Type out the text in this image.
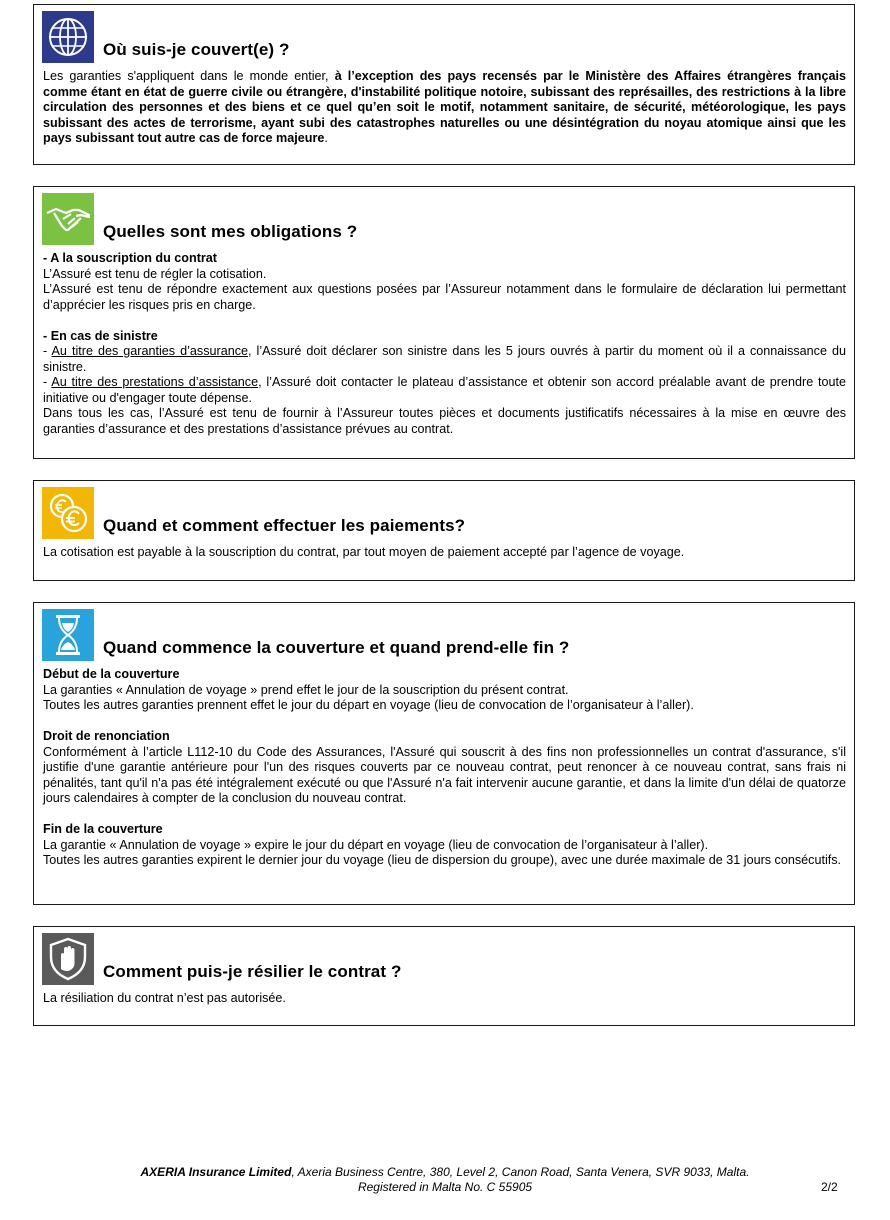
Où suis-je couvert(e) ?

Les garanties s'appliquent dans le monde entier, à l’exception des pays recensés par le Ministère des Affaires étrangères français comme étant en état de guerre civile ou étrangère, d'instabilité politique notoire, subissant des représailles, des restrictions à la libre circulation des personnes et des biens et ce quel qu’en soit le motif, notamment sanitaire, de sécurité, météorologique, les pays subissant des actes de terrorisme, ayant subi des catastrophes naturelles ou une désintégration du noyau atomique ainsi que les pays subissant tout autre cas de force majeure.

Quelles sont mes obligations ?

- A la souscription du contrat

L’Assuré est tenu de régler la cotisation.

L’Assuré est tenu de répondre exactement aux questions posées par l’Assureur notamment dans le formulaire de déclaration lui permettant d’apprécier les risques pris en charge.

- En cas de sinistre

- Au titre des garanties d’assurance, l’Assuré doit déclarer son sinistre dans les 5 jours ouvrés à partir du moment où il a connaissance du sinistre.

- Au titre des prestations d’assistance, l’Assuré doit contacter le plateau d’assistance et obtenir son accord préalable avant de prendre toute initiative ou d'engager toute dépense.

Dans tous les cas, l’Assuré est tenu de fournir à l’Assureur toutes pièces et documents justificatifs nécessaires à la mise en œuvre des garanties d’assurance et des prestations d’assistance prévues au contrat.

Quand et comment effectuer les paiements?

La cotisation est payable à la souscription du contrat, par tout moyen de paiement accepté par l’agence de voyage.

Quand commence la couverture et quand prend-elle fin ?

Début de la couverture

La garanties « Annulation de voyage » prend effet le jour de la souscription du présent contrat.

Toutes les autres garanties prennent effet le jour du départ en voyage (lieu de convocation de l’organisateur à l’aller).

Droit de renonciation

Conformément à l’article L112-10 du Code des Assurances, l'Assuré qui souscrit à des fins non professionnelles un contrat d'assurance, s'il justifie d'une garantie antérieure pour l'un des risques couverts par ce nouveau contrat, peut renoncer à ce nouveau contrat, sans frais ni pénalités, tant qu'il n'a pas été intégralement exécuté ou que l'Assuré n'a fait intervenir aucune garantie, et dans la limite d'un délai de quatorze jours calendaires à compter de la conclusion du nouveau contrat.

Fin de la couverture

La garantie « Annulation de voyage » expire le jour du départ en voyage (lieu de convocation de l’organisateur à l’aller).

Toutes les autres garanties expirent le dernier jour du voyage (lieu de dispersion du groupe), avec une durée maximale de 31 jours consécutifs.

Comment puis-je résilier le contrat ?

La résiliation du contrat n’est pas autorisée.

AXERIA Insurance Limited, Axeria Business Centre, 380, Level 2, Canon Road, Santa Venera, SVR 9033, Malta.
Registered in Malta No. C 55905	2/2
